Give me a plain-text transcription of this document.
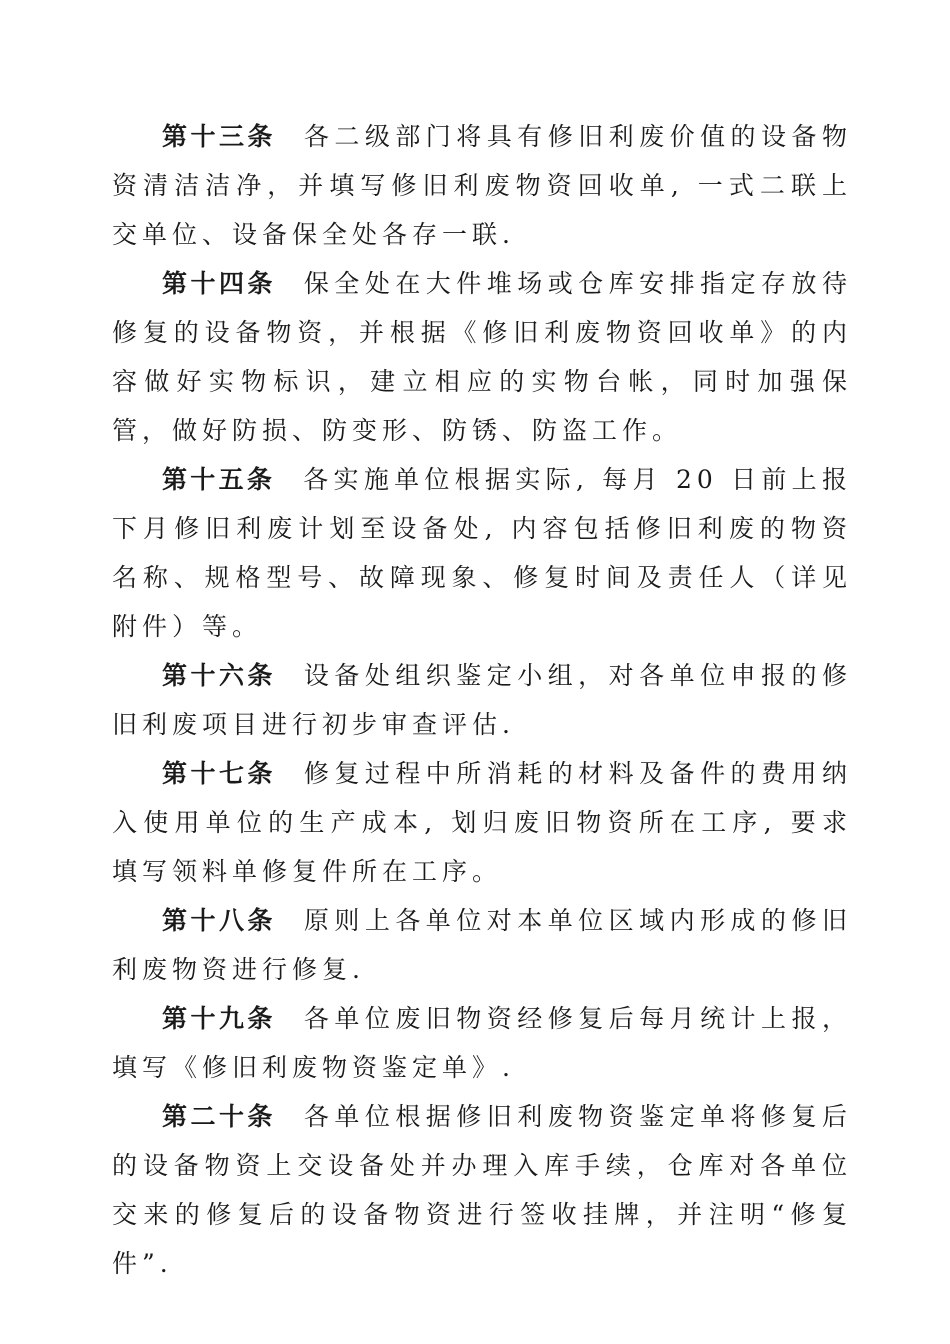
第十三条 各二级部门将具有修旧利废价值的设备物资清洁洁净，并填写修旧利废物资回收单, 一式二联上交单位、设备保全处各存一联.

第十四条 保全处在大件堆场或仓库安排指定存放待修复的设备物资，并根据《修旧利废物资回收单》的内容做好实物标识，建立相应的实物台帐，同时加强保管，做好防损、防变形、防锈、防盗工作。

第十五条 各实施单位根据实际, 每月 20 日前上报下月修旧利废计划至设备处, 内容包括修旧利废的物资名称、规格型号、故障现象、修复时间及责任人（详见附件）等。

第十六条 设备处组织鉴定小组，对各单位申报的修旧利废项目进行初步审查评估.

第十七条 修复过程中所消耗的材料及备件的费用纳入使用单位的生产成本, 划归废旧物资所在工序, 要求填写领料单修复件所在工序。

第十八条 原则上各单位对本单位区域内形成的修旧利废物资进行修复.

第十九条 各单位废旧物资经修复后每月统计上报，填写《修旧利废物资鉴定单》.

第二十条 各单位根据修旧利废物资鉴定单将修复后的设备物资上交设备处并办理入库手续，仓库对各单位交来的修复后的设备物资进行签收挂牌，并注明“修复件”.
